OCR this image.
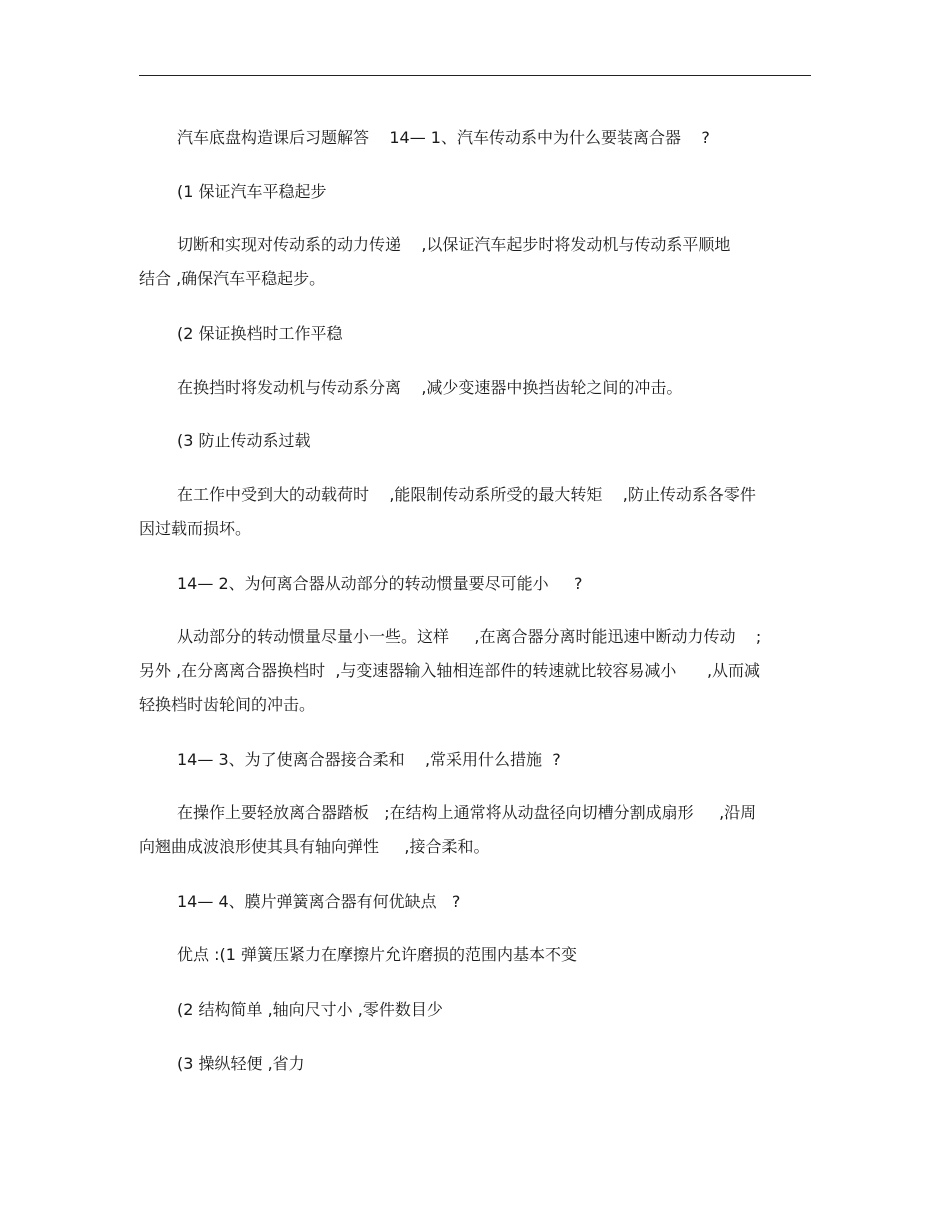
汽车底盘构造课后习题解答    14— 1、汽车传动系中为什么要装离合器    ?

(1 保证汽车平稳起步

切断和实现对传动系的动力传递    ,以保证汽车起步时将发动机与传动系平顺地

结合 ,确保汽车平稳起步。

(2 保证换档时工作平稳

在换挡时将发动机与传动系分离    ,减少变速器中换挡齿轮之间的冲击。

(3 防止传动系过载

在工作中受到大的动载荷时    ,能限制传动系所受的最大转矩    ,防止传动系各零件

因过载而损坏。

14— 2、为何离合器从动部分的转动惯量要尽可能小     ?

从动部分的转动惯量尽量小一些。这样     ,在离合器分离时能迅速中断动力传动    ;

另外 ,在分离离合器换档时  ,与变速器输入轴相连部件的转速就比较容易减小      ,从而减

轻换档时齿轮间的冲击。

14— 3、为了使离合器接合柔和    ,常采用什么措施  ?

在操作上要轻放离合器踏板   ;在结构上通常将从动盘径向切槽分割成扇形     ,沿周

向翘曲成波浪形使其具有轴向弹性     ,接合柔和。

14— 4、膜片弹簧离合器有何优缺点   ?

优点 :(1 弹簧压紧力在摩擦片允许磨损的范围内基本不变

(2 结构简单 ,轴向尺寸小 ,零件数目少

(3 操纵轻便 ,省力
